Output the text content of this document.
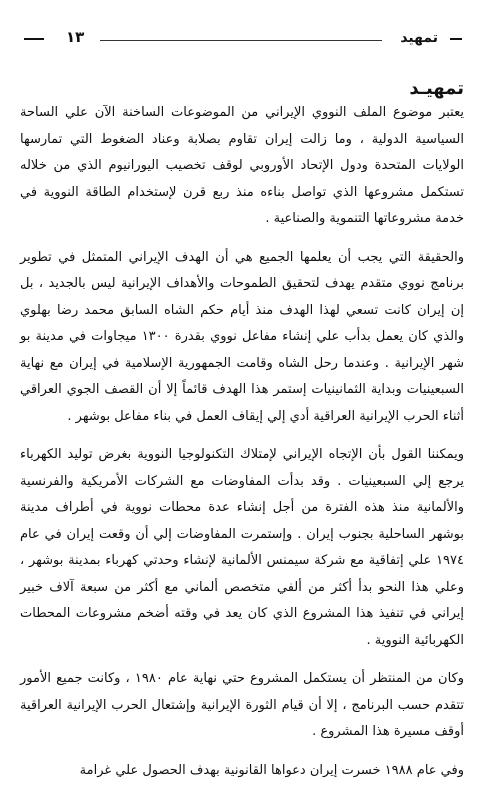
تمهيد
١٣
تمهيـد

يعتبر موضوع الملف النووي الإيراني من الموضوعات الساخنة الآن علي الساحة السياسية الدولية ، وما زالت إيران تقاوم بصلابة وعناد الضغوط التي تمارسها الولايات المتحدة ودول الإتحاد الأوروبي لوقف تخصيب اليورانيوم الذي من خلاله تستكمل مشروعها الذي تواصل بناءه منذ ربع قرن لإستخدام الطاقة النووية في خدمة مشروعاتها التنموية والصناعية .

والحقيقة التي يجب أن يعلمها الجميع هي أن الهدف الإيراني المتمثل في تطوير برنامج نووي متقدم يهدف لتحقيق الطموحات والأهداف الإيرانية ليس بالجديد ، بل إن إيران كانت تسعي لهذا الهدف منذ أيام حكم الشاه السابق محمد رضا بهلوي والذي كان يعمل بدأب علي إنشاء مفاعل نووي بقدرة ١٣٠٠ ميجاوات في مدينة بو شهر الإيرانية . وعندما رحل الشاه وقامت الجمهورية الإسلامية في إيران مع نهاية السبعينيات وبداية الثمانينيات إستمر هذا الهدف قائماً إلا أن القصف الجوي العراقي أثناء الحرب الإيرانية العراقية أدي إلي إيقاف العمل في بناء مفاعل بوشهر .

ويمكننا القول بأن الإتجاه الإيراني لإمتلاك التكنولوجيا النووية بغرض توليد الكهرباء يرجع إلي السبعينيات . وقد بدأت المفاوضات مع الشركات الأمريكية والفرنسية والألمانية منذ هذه الفترة من أجل إنشاء عدة محطات نووية في أطراف مدينة بوشهر الساحلية بجنوب إيران . وإستمرت المفاوضات إلي أن وقعت إيران في عام ١٩٧٤ علي إتفاقية مع شركة سيمنس الألمانية لإنشاء وحدتي كهرباء بمدينة بوشهر ، وعلي هذا النحو بدأ أكثر من ألفي متخصص ألماني مع أكثر من سبعة آلاف خبير إيراني في تنفيذ هذا المشروع الذي كان يعد في وقته أضخم مشروعات المحطات الكهربائية النووية .

وكان من المنتظر أن يستكمل المشروع حتي نهاية عام ١٩٨٠ ، وكانت جميع الأمور تتقدم حسب البرنامج ، إلا أن قيام الثورة الإيرانية وإشتعال الحرب الإيرانية العراقية أوقف مسيرة هذا المشروع .

وفي عام ١٩٨٨ خسرت إيران دعواها القانونية بهدف الحصول علي غرامة
